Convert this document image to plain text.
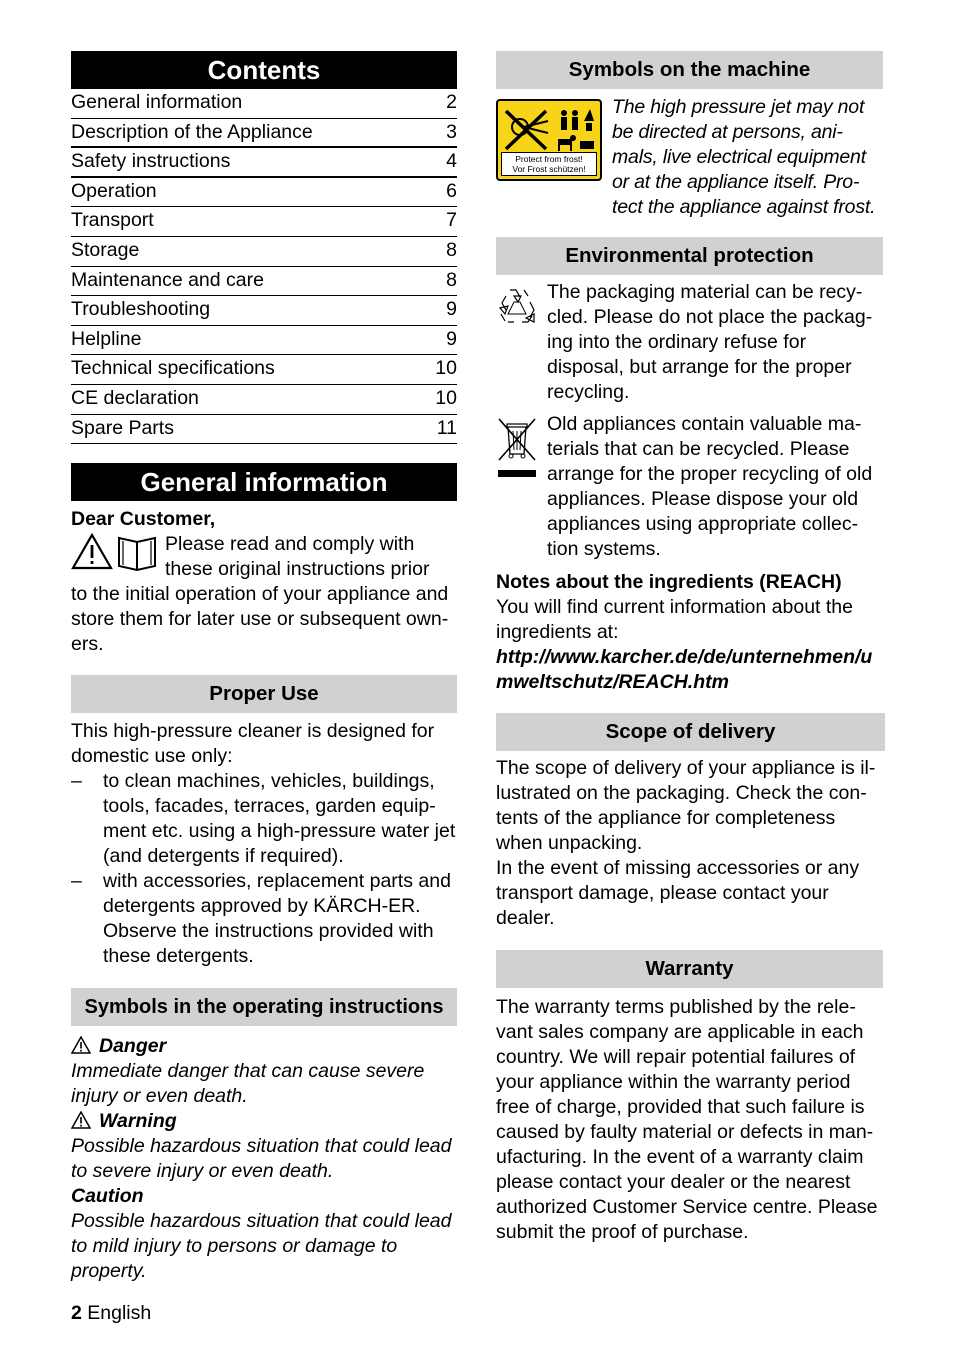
Contents
General information	2
Description of the Appliance	3
Safety instructions	4
Operation	6
Transport	7
Storage	8
Maintenance and care	8
Troubleshooting	9
Helpline	9
Technical specifications	10
CE declaration	10
Spare Parts	11
General information

Dear Customer,

Please read and comply with

these original instructions prior

to the initial operation of your appliance and store them for later use or subsequent own-ers.

Proper Use

This high-pressure cleaner is designed for domestic use only:

– to clean machines, vehicles, buildings, tools, facades, terraces, garden equip-ment etc. using a high-pressure water jet (and detergents if required).
– with accessories, replacement parts and detergents approved by KÄRCH-ER. Observe the instructions provided with these detergents.
Symbols in the operating instructions

Danger

Immediate danger that can cause severe injury or even death.

Warning

Possible hazardous situation that could lead to severe injury or even death.

Caution

Possible hazardous situation that could lead to mild injury to persons or damage to property.

Symbols on the machine
Protect from frost!
Vor Frost schützen!

The high pressure jet may not be directed at persons, ani-mals, live electrical equipment or at the appliance itself. Pro-tect the appliance against frost.

Environmental protection

The packaging material can be recy-cled. Please do not place the packag-ing into the ordinary refuse for disposal, but arrange for the proper recycling.

Old appliances contain valuable ma-terials that can be recycled. Please arrange for the proper recycling of old appliances. Please dispose your old appliances using appropriate collec-tion systems.

Notes about the ingredients (REACH)

You will find current information about the ingredients at:

http://www.karcher.de/de/unternehmen/umweltschutz/REACH.htm

Scope of delivery

The scope of delivery of your appliance is il-lustrated on the packaging. Check the con-tents of the appliance for completeness when unpacking.

In the event of missing accessories or any transport damage, please contact your dealer.

Warranty

The warranty terms published by the rele-vant sales company are applicable in each country. We will repair potential failures of your appliance within the warranty period free of charge, provided that such failure is caused by faulty material or defects in man-ufacturing. In the event of a warranty claim please contact your dealer or the nearest authorized Customer Service centre. Please submit the proof of purchase.

2 English
